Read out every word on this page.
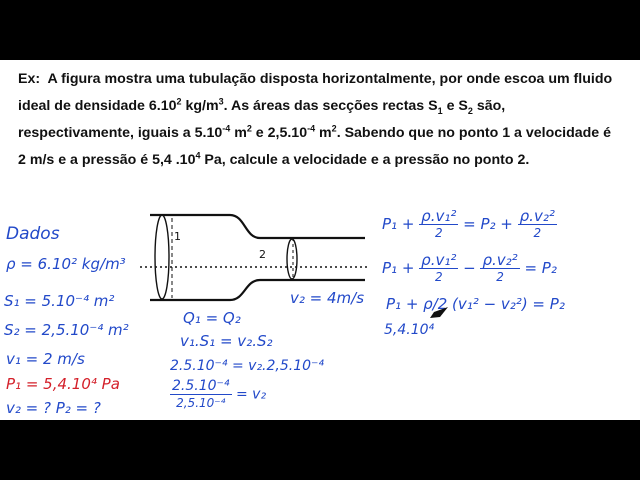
Ex: A figura mostra uma tubulação disposta horizontalmente, por onde escoa um fluido ideal de densidade 6.10$^2$ $kg/m^3$. As áreas das secções rectas $S_1$ e $S_2$ são, respectivamente, iguais a $5.10^{-4}$ $m^2$ e $2,5.10^{-4}$ $m^2$. Sabendo que no ponto 1 a velocidade é 2 m/s e a pressão é 5,4 $.10^4$ Pa, calcule a velocidade e a pressão no ponto 2.
1
2
Dados
ρ = 6.10² kg/m³
S₁ = 5.10⁻⁴ m²
S₂ = 2,5.10⁻⁴ m²
v₁ = 2 m/s
P₁ = 5,4.10⁴ Pa
v₂ = ? P₂ = ?
v₂ = 4m/s
Q₁ = Q₂
v₁.S₁ = v₂.S₂
2.5.10⁻⁴ = v₂.2,5.10⁻⁴
$\frac{\text{2.5.10⁻⁴}}{\text{2,5.10⁻⁴}} = v_2$
$P_1 + \frac{\text{ρ.v₁²}}{2} = P_2 + \frac{\text{ρ.v₂²}}{2}$
$P_1 + \frac{\text{ρ.v₁²}}{2} - \frac{\text{ρ.v₂²}}{2} = P_2$
P₁ + ρ/2 (v₁² − v₂²) = P₂
5,4.10⁴
